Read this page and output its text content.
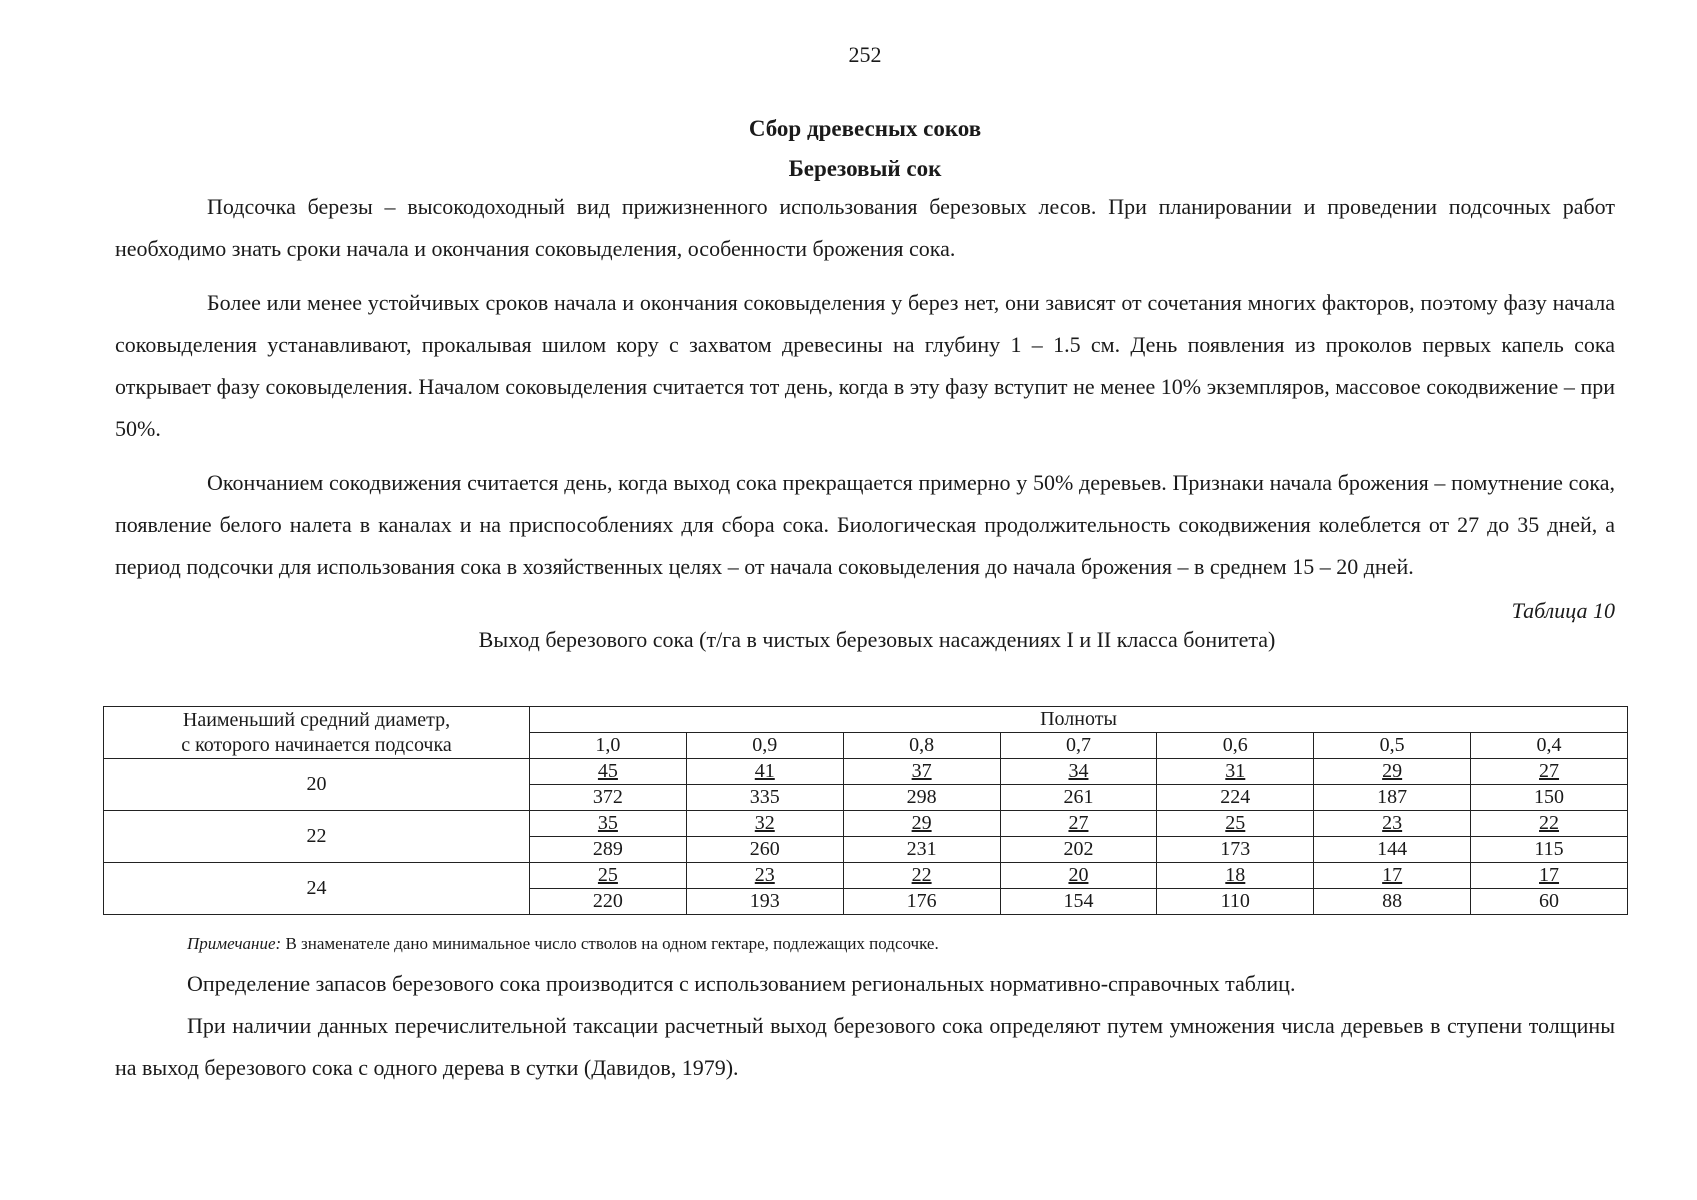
252
Сбор древесных соков
Березовый сок

Подсочка березы – высокодоходный вид прижизненного использования березовых лесов. При планировании и проведении подсочных работ необходимо знать сроки начала и окончания соковыделения, особенности брожения сока.

Более или менее устойчивых сроков начала и окончания соковыделения у берез нет, они зависят от сочетания многих факторов, поэтому фазу начала соковыделения устанавливают, прокалывая шилом кору с захватом древесины на глубину 1 – 1.5 см. День появления из проколов первых капель сока открывает фазу соковыделения. Началом соковыделения считается тот день, когда в эту фазу вступит не менее 10% экземпляров, массовое сокодвижение – при 50%.

Окончанием сокодвижения считается день, когда выход сока прекращается примерно у 50% деревьев. Признаки начала брожения – помутнение сока, появление белого налета в каналах и на приспособлениях для сбора сока. Биологическая продолжительность сокодвижения колеблется от 27 до 35 дней, а период подсочки для использования сока в хозяйственных целях – от начала соковыделения до начала брожения – в среднем 15 – 20 дней.

Таблица 10
Выход березового сока (т/га в чистых березовых насаждениях I и II класса бонитета)
Наименьший средний диаметр,
с которого начинается подсочка	Полноты						
	1,0	0,9	0,8	0,7	0,6	0,5	0,4
20	45	41	37	34	31	29	27
	372	335	298	261	224	187	150
22	35	32	29	27	25	23	22
	289	260	231	202	173	144	115
24	25	23	22	20	18	17	17
	220	193	176	154	110	88	60
Примечание: В знаменателе дано минимальное число стволов на одном гектаре, подлежащих подсочке.

Определение запасов березового сока производится с использованием региональных нормативно-справочных таблиц.

При наличии данных перечислительной таксации расчетный выход березового сока определяют путем умножения числа деревьев в ступени толщины на выход березового сока с одного дерева в сутки (Давидов, 1979).
